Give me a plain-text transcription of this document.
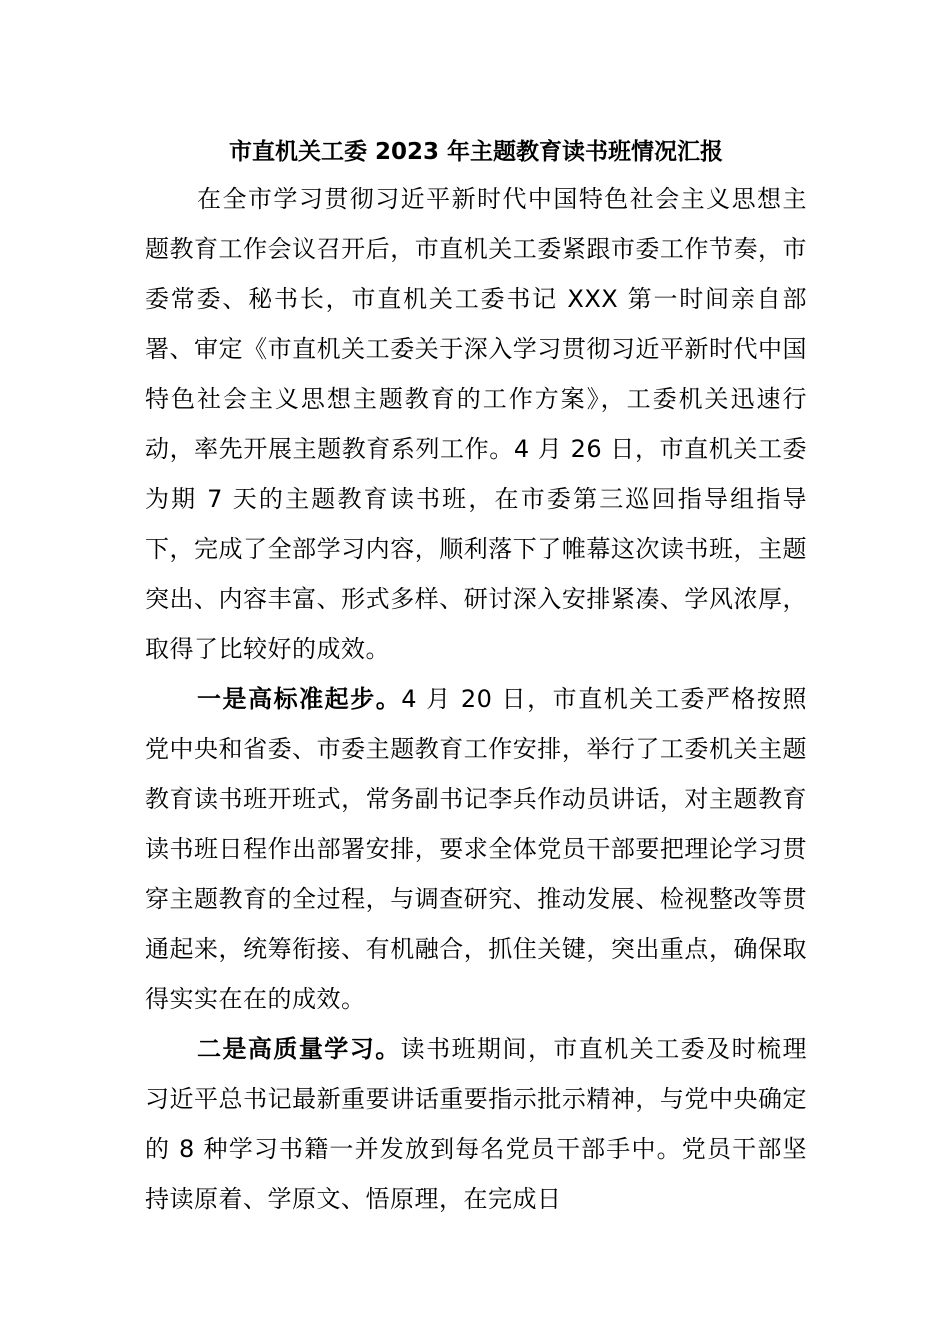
市直机关工委 2023 年主题教育读书班情况汇报

在全市学习贯彻习近平新时代中国特色社会主义思想主题教育工作会议召开后，市直机关工委紧跟市委工作节奏，市委常委、秘书长，市直机关工委书记 XXX 第一时间亲自部署、审定《市直机关工委关于深入学习贯彻习近平新时代中国特色社会主义思想主题教育的工作方案》，工委机关迅速行动，率先开展主题教育系列工作。4 月 26 日，市直机关工委为期 7 天的主题教育读书班，在市委第三巡回指导组指导下，完成了全部学习内容，顺利落下了帷幕这次读书班，主题突出、内容丰富、形式多样、研讨深入安排紧凑、学风浓厚，取得了比较好的成效。

一是高标准起步。4 月 20 日，市直机关工委严格按照党中央和省委、市委主题教育工作安排，举行了工委机关主题教育读书班开班式，常务副书记李兵作动员讲话，对主题教育读书班日程作出部署安排，要求全体党员干部要把理论学习贯穿主题教育的全过程，与调查研究、推动发展、检视整改等贯通起来，统筹衔接、有机融合，抓住关键，突出重点，确保取得实实在在的成效。

二是高质量学习。读书班期间，市直机关工委及时梳理习近平总书记最新重要讲话重要指示批示精神，与党中央确定的 8 种学习书籍一并发放到每名党员干部手中。党员干部坚持读原着、学原文、悟原理，在完成日
